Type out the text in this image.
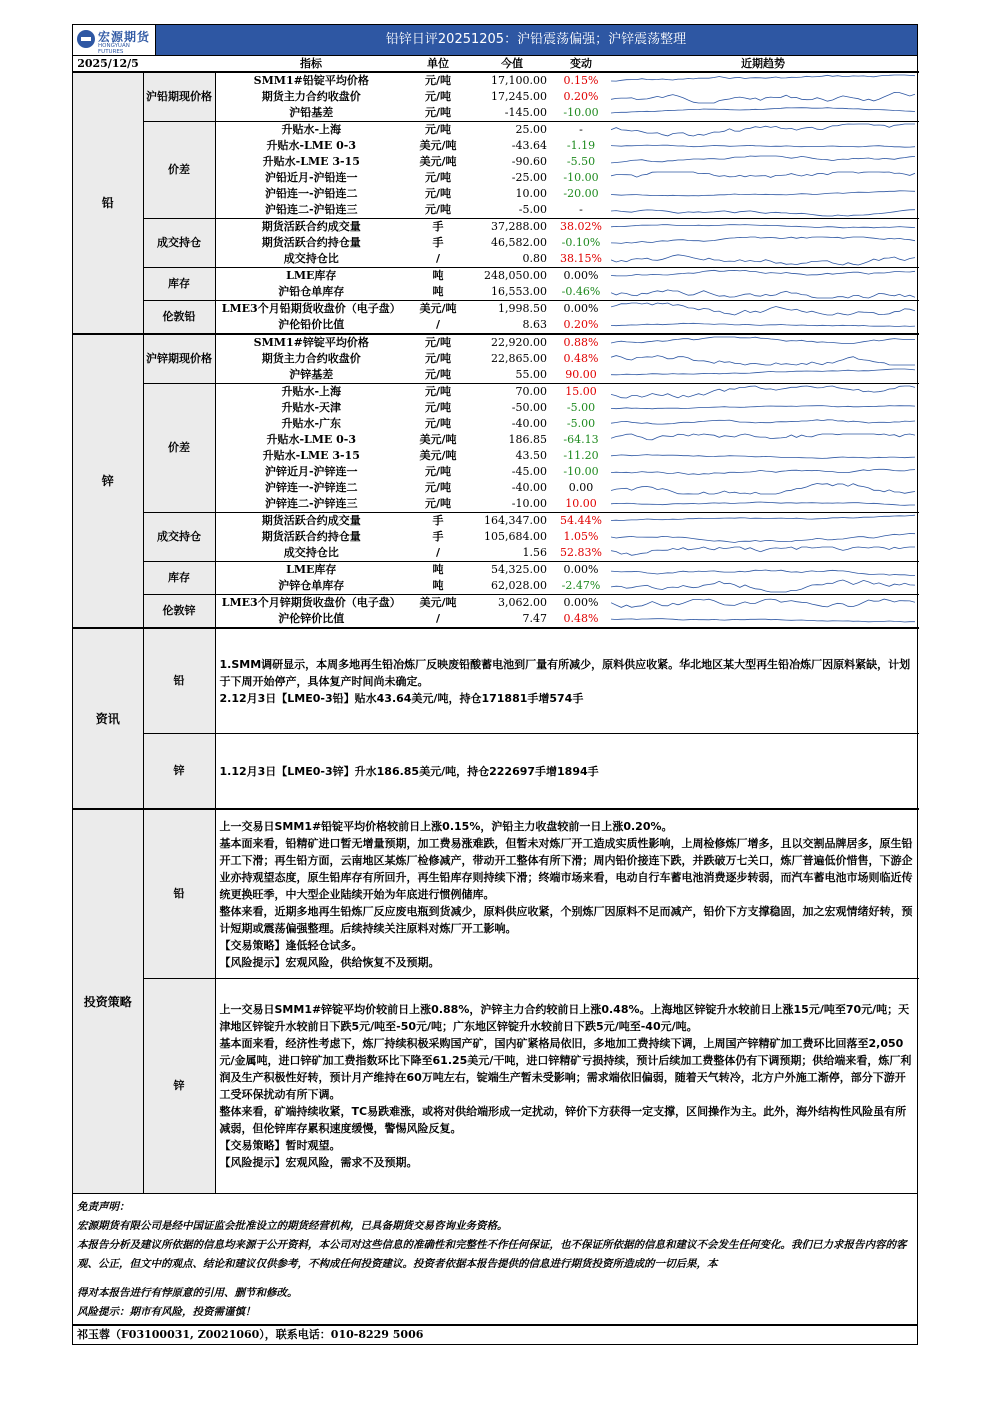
宏源期货
HONGYUAN FUTURES
铅锌日评20251205：沪铅震荡偏强；沪锌震荡整理
2025/12/5		指标	单位	今值	变动	近期趋势
铅	沪铅期现价格	SMM1#铅锭平均价格	元/吨	17,100.00	0.15%	

		期货主力合约收盘价	元/吨	17,245.00	0.20%	

		沪铅基差	元/吨	-145.00	-10.00	

	价差	升贴水-上海	元/吨	25.00	-	

		升贴水-LME 0-3	美元/吨	-43.64	-1.19	

		升贴水-LME 3-15	美元/吨	-90.60	-5.50	

		沪铅近月-沪铅连一	元/吨	-25.00	-10.00	

		沪铅连一-沪铅连二	元/吨	10.00	-20.00	

		沪铅连二-沪铅连三	元/吨	-5.00	-	

	成交持仓	期货活跃合约成交量	手	37,288.00	38.02%	

		期货活跃合约持仓量	手	46,582.00	-0.10%	

		成交持仓比	/	0.80	38.15%	

	库存	LME库存	吨	248,050.00	0.00%	

		沪铅仓单库存	吨	16,553.00	-0.46%	

	伦敦铅	LME3个月铅期货收盘价（电子盘）	美元/吨	1,998.50	0.00%	

		沪伦铅价比值	/	8.63	0.20%	

锌	沪锌期现价格	SMM1#锌锭平均价格	元/吨	22,920.00	0.88%	

		期货主力合约收盘价	元/吨	22,865.00	0.48%	

		沪锌基差	元/吨	55.00	90.00	

	价差	升贴水-上海	元/吨	70.00	15.00	

		升贴水-天津	元/吨	-50.00	-5.00	

		升贴水-广东	元/吨	-40.00	-5.00	

		升贴水-LME 0-3	美元/吨	186.85	-64.13	

		升贴水-LME 3-15	美元/吨	43.50	-11.20	

		沪锌近月-沪锌连一	元/吨	-45.00	-10.00	

		沪锌连一-沪锌连二	元/吨	-40.00	0.00	

		沪锌连二-沪锌连三	元/吨	-10.00	10.00	

	成交持仓	期货活跃合约成交量	手	164,347.00	54.44%	

		期货活跃合约持仓量	手	105,684.00	1.05%	

		成交持仓比	/	1.56	52.83%	

	库存	LME库存	吨	54,325.00	0.00%	

		沪锌仓单库存	吨	62,028.00	-2.47%	

	伦敦锌	LME3个月锌期货收盘价（电子盘）	美元/吨	3,062.00	0.00%	

		沪伦锌价比值	/	7.47	0.48%	
资讯	铅	1.SMM调研显示，本周多地再生铅冶炼厂反映废铅酸蓄电池到厂量有所减少，原料供应收紧。华北地区某大型再生铅冶炼厂因原料紧缺，计划于下周开始停产，具体复产时间尚未确定。

2.12月3日【LME0-3铅】贴水43.64美元/吨，持仓171881手增574手

	锌	1.12月3日【LME0-3锌】升水186.85美元/吨，持仓222697手增1894手

投资策略	铅	上一交易日SMM1#铅锭平均价格较前日上涨0.15%，沪铅主力收盘较前一日上涨0.20%。

基本面来看，铅精矿进口暂无增量预期，加工费易涨难跌，但暂未对炼厂开工造成实质性影响，上周检修炼厂增多，且以交割品牌居多，原生铅开工下滑；再生铅方面，云南地区某炼厂检修减产，带动开工整体有所下滑；周内铅价接连下跌，并跌破万七关口，炼厂普遍低价惜售，下游企业亦持观望态度，原生铅库存有所回升，再生铅库存则持续下滑；终端市场来看，电动自行车蓄电池消费逐步转弱，而汽车蓄电池市场则临近传统更换旺季，中大型企业陆续开始为年底进行惯例储库。

整体来看，近期多地再生铅炼厂反应废电瓶到货减少，原料供应收紧，个别炼厂因原料不足而减产，铅价下方支撑稳固，加之宏观情绪好转，预计短期或震荡偏强整理。后续持续关注原料对炼厂开工影响。

【交易策略】逢低轻仓试多。

【风险提示】宏观风险，供给恢复不及预期。

	锌	上一交易日SMM1#锌锭平均价较前日上涨0.88%，沪锌主力合约较前日上涨0.48%。上海地区锌锭升水较前日上涨15元/吨至70元/吨；天津地区锌锭升水较前日下跌5元/吨至-50元/吨；广东地区锌锭升水较前日下跌5元/吨至-40元/吨。

基本面来看，经济性考虑下，炼厂持续积极采购国产矿，国内矿紧格局依旧，多地加工费持续下调，上周国产锌精矿加工费环比回落至2,050元/金属吨，进口锌矿加工费指数环比下降至61.25美元/干吨，进口锌精矿亏损持续，预计后续加工费整体仍有下调预期；供给端来看，炼厂利润及生产积极性好转，预计月产维持在60万吨左右，锭端生产暂未受影响；需求端依旧偏弱，随着天气转冷，北方户外施工渐停，部分下游开工受环保扰动有所下调。

整体来看，矿端持续收紧，TC易跌难涨，或将对供给端形成一定扰动，锌价下方获得一定支撑，区间操作为主。此外，海外结构性风险虽有所减弱，但伦锌库存累积速度缓慢，警惕风险反复。

【交易策略】暂时观望。

【风险提示】宏观风险，需求不及预期。

免责声明：

宏源期货有限公司是经中国证监会批准设立的期货经营机构，已具备期货交易咨询业务资格。

本报告分析及建议所依据的信息均来源于公开资料，本公司对这些信息的准确性和完整性不作任何保证，也不保证所依据的信息和建议不会发生任何变化。我们已力求报告内容的客观、公正，但文中的观点、结论和建议仅供参考，不构成任何投资建议。投资者依据本报告提供的信息进行期货投资所造成的一切后果，本

得对本报告进行有悖原意的引用、删节和修改。

风险提示：期市有风险，投资需谨慎！

祁玉蓉（F03100031, Z0021060），联系电话：010-8229 5006
